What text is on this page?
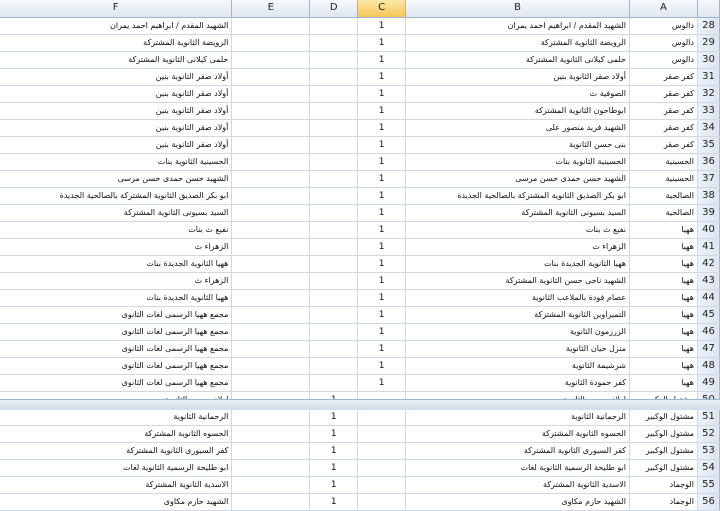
F	E	D	C	B	A	
الشهيد المقدم / ابراهيم احمد يمران			1	الشهيد المقدم / ابراهيم احمد يمران	دالوس	28
الرويضة الثانوية المشتركة			1	الرويضة الثانوية المشتركة	دالوس	29
حلمى كيلانى الثانوية المشتركة			1	حلمى كيلانى الثانوية المشتركة	دالوس	30
أولاد صقر الثانوية بنين			1	أولاد صقر الثانوية بنين	كفر صقر	31
أولاد صقر الثانوية بنين			1	الصوفية ث	كفر صقر	32
أولاد صقر الثانوية بنين			1	ابوطاحون الثانوية المشتركة	كفر صقر	33
أولاد صقر الثانوية بنين			1	الشهيد فريد منصور على	كفر صقر	34
أولاد صقر الثانوية بنين			1	بنى حسن الثانوية	كفر صقر	35
الحسينية الثانوية بنات			1	الحسينية الثانوية بنات	الحسينية	36
الشهيد حسن حمدى حسن مرسى			1	الشهيد حسن حمدى حسن مرسى	الحسينية	37
ابو بكر الصديق الثانوية المشتركة بالصالحية الجديدة			1	ابو بكر الصديق الثانوية المشتركة بالصالحية الجديدة	الصالحية	38
السيد بسيونى الثانوية المشتركة			1	السيد بسيونى الثانوية المشتركة	الصالحية	39
نفيع ث بنات			1	نفيع ث بنات	ههيا	40
الزهراء ث			1	الزهراء ث	ههيا	41
ههيا الثانوية الجديدة بنات			1	ههيا الثانوية الجديدة بنات	ههيا	42
الزهراء ث			1	الشهيد ناجى حسن الثانوية المشتركة	ههيا	43
ههيا الثانوية الجديدة بنات			1	عصام فودة بالملاعب الثانوية	ههيا	44
مجمع ههيا الرسمى لغات الثانوى			1	التميراوين الثانوية المشتركة	ههيا	45
مجمع ههيا الرسمى لغات الثانوى			1	الزرزمون الثانوية	ههيا	46
مجمع ههيا الرسمى لغات الثانوى			1	منزل حيان الثانوية	ههيا	47
مجمع ههيا الرسمى لغات الثانوى			1	شرشيمة الثانوية	ههيا	48
مجمع ههيا الرسمى لغات الثانوى			1	كفر حمودة الثانوية	ههيا	49

الرحمانية الثانوية		1		الرحمانية الثانوية	مشتول الوكبير	51
الحسوه الثانوية المشتركة		1		الحسوه الثانوية المشتركة	مشتول الوكبير	52
كفر السيورى الثانوية المشتركة		1		كفر السيورى الثانوية المشتركة	مشتول الوكبير	53
ابو طليحة الرسمية الثانوية لغات		1		ابو طليحة الرسمية الثانوية لغات	مشتول الوكبير	54
الاسدية الثانوية المشتركة		1		الاسدية الثانوية المشتركة	الوجماد	55
الشهيد حازم مكاوى		1		الشهيد حازم مكاوى	الوجماد	56
